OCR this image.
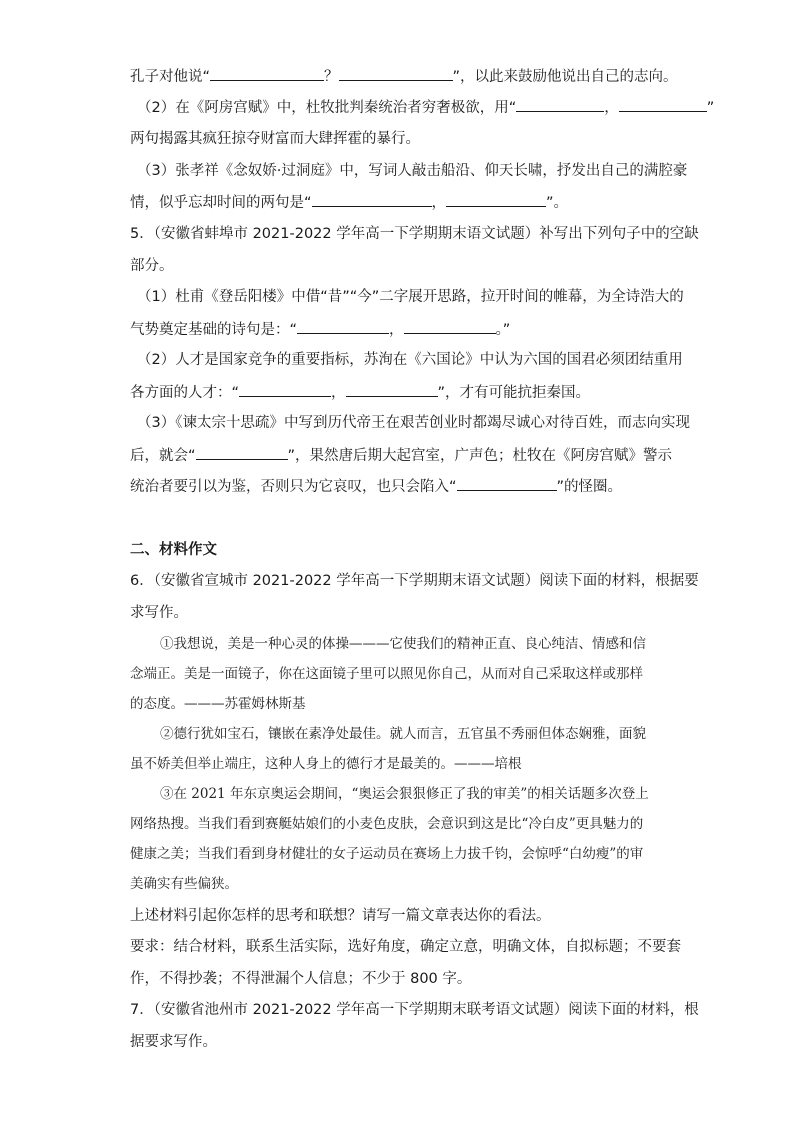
孔子对他说“	？	”，以此来鼓励他说出自己的志向。
（2）在《阿房宫赋》中，杜牧批判秦统治者穷奢极欲，用“	，	”
两句揭露其疯狂掠夺财富而大肆挥霍的暴行。
（3）张孝祥《念奴娇·过洞庭》中，写词人敲击船沿、仰天长啸，抒发出自己的满腔豪
情，似乎忘却时间的两句是“	，	”。
5．（安徽省蚌埠市 2021-2022 学年高一下学期期末语文试题）补写出下列句子中的空缺
部分。
（1）杜甫《登岳阳楼》中借“昔”“今”二字展开思路，拉开时间的帷幕，为全诗浩大的
气势奠定基础的诗句是：“	，	。”
（2）人才是国家竞争的重要指标，苏洵在《六国论》中认为六国的国君必须团结重用
各方面的人才：“	，	”，才有可能抗拒秦国。
（3）《谏太宗十思疏》中写到历代帝王在艰苦创业时都竭尽诚心对待百姓，而志向实现
后，就会“	”，果然唐后期大起宫室，广声色；杜牧在《阿房宫赋》警示
统治者要引以为鉴，否则只为它哀叹，也只会陷入“	”的怪圈。
二、材料作文
6．（安徽省宣城市 2021-2022 学年高一下学期期末语文试题）阅读下面的材料，根据要
求写作。
①我想说，美是一种心灵的体操———它使我们的精神正直、良心纯洁、情感和信
念端正。美是一面镜子，你在这面镜子里可以照见你自己，从而对自己采取这样或那样
的态度。———苏霍姆林斯基
②德行犹如宝石，镶嵌在素净处最佳。就人而言，五官虽不秀丽但体态娴雅，面貌
虽不娇美但举止端庄，这种人身上的德行才是最美的。———培根
③在 2021 年东京奥运会期间，“奥运会狠狠修正了我的审美”的相关话题多次登上
网络热搜。当我们看到赛艇姑娘们的小麦色皮肤，会意识到这是比“冷白皮”更具魅力的
健康之美；当我们看到身材健壮的女子运动员在赛场上力拔千钧，会惊呼“白幼瘦”的审
美确实有些偏狭。
上述材料引起你怎样的思考和联想？请写一篇文章表达你的看法。
要求：结合材料，联系生活实际，选好角度，确定立意，明确文体，自拟标题；不要套
作，不得抄袭；不得泄漏个人信息；不少于 800 字。
7．（安徽省池州市 2021-2022 学年高一下学期期末联考语文试题）阅读下面的材料，根
据要求写作。
